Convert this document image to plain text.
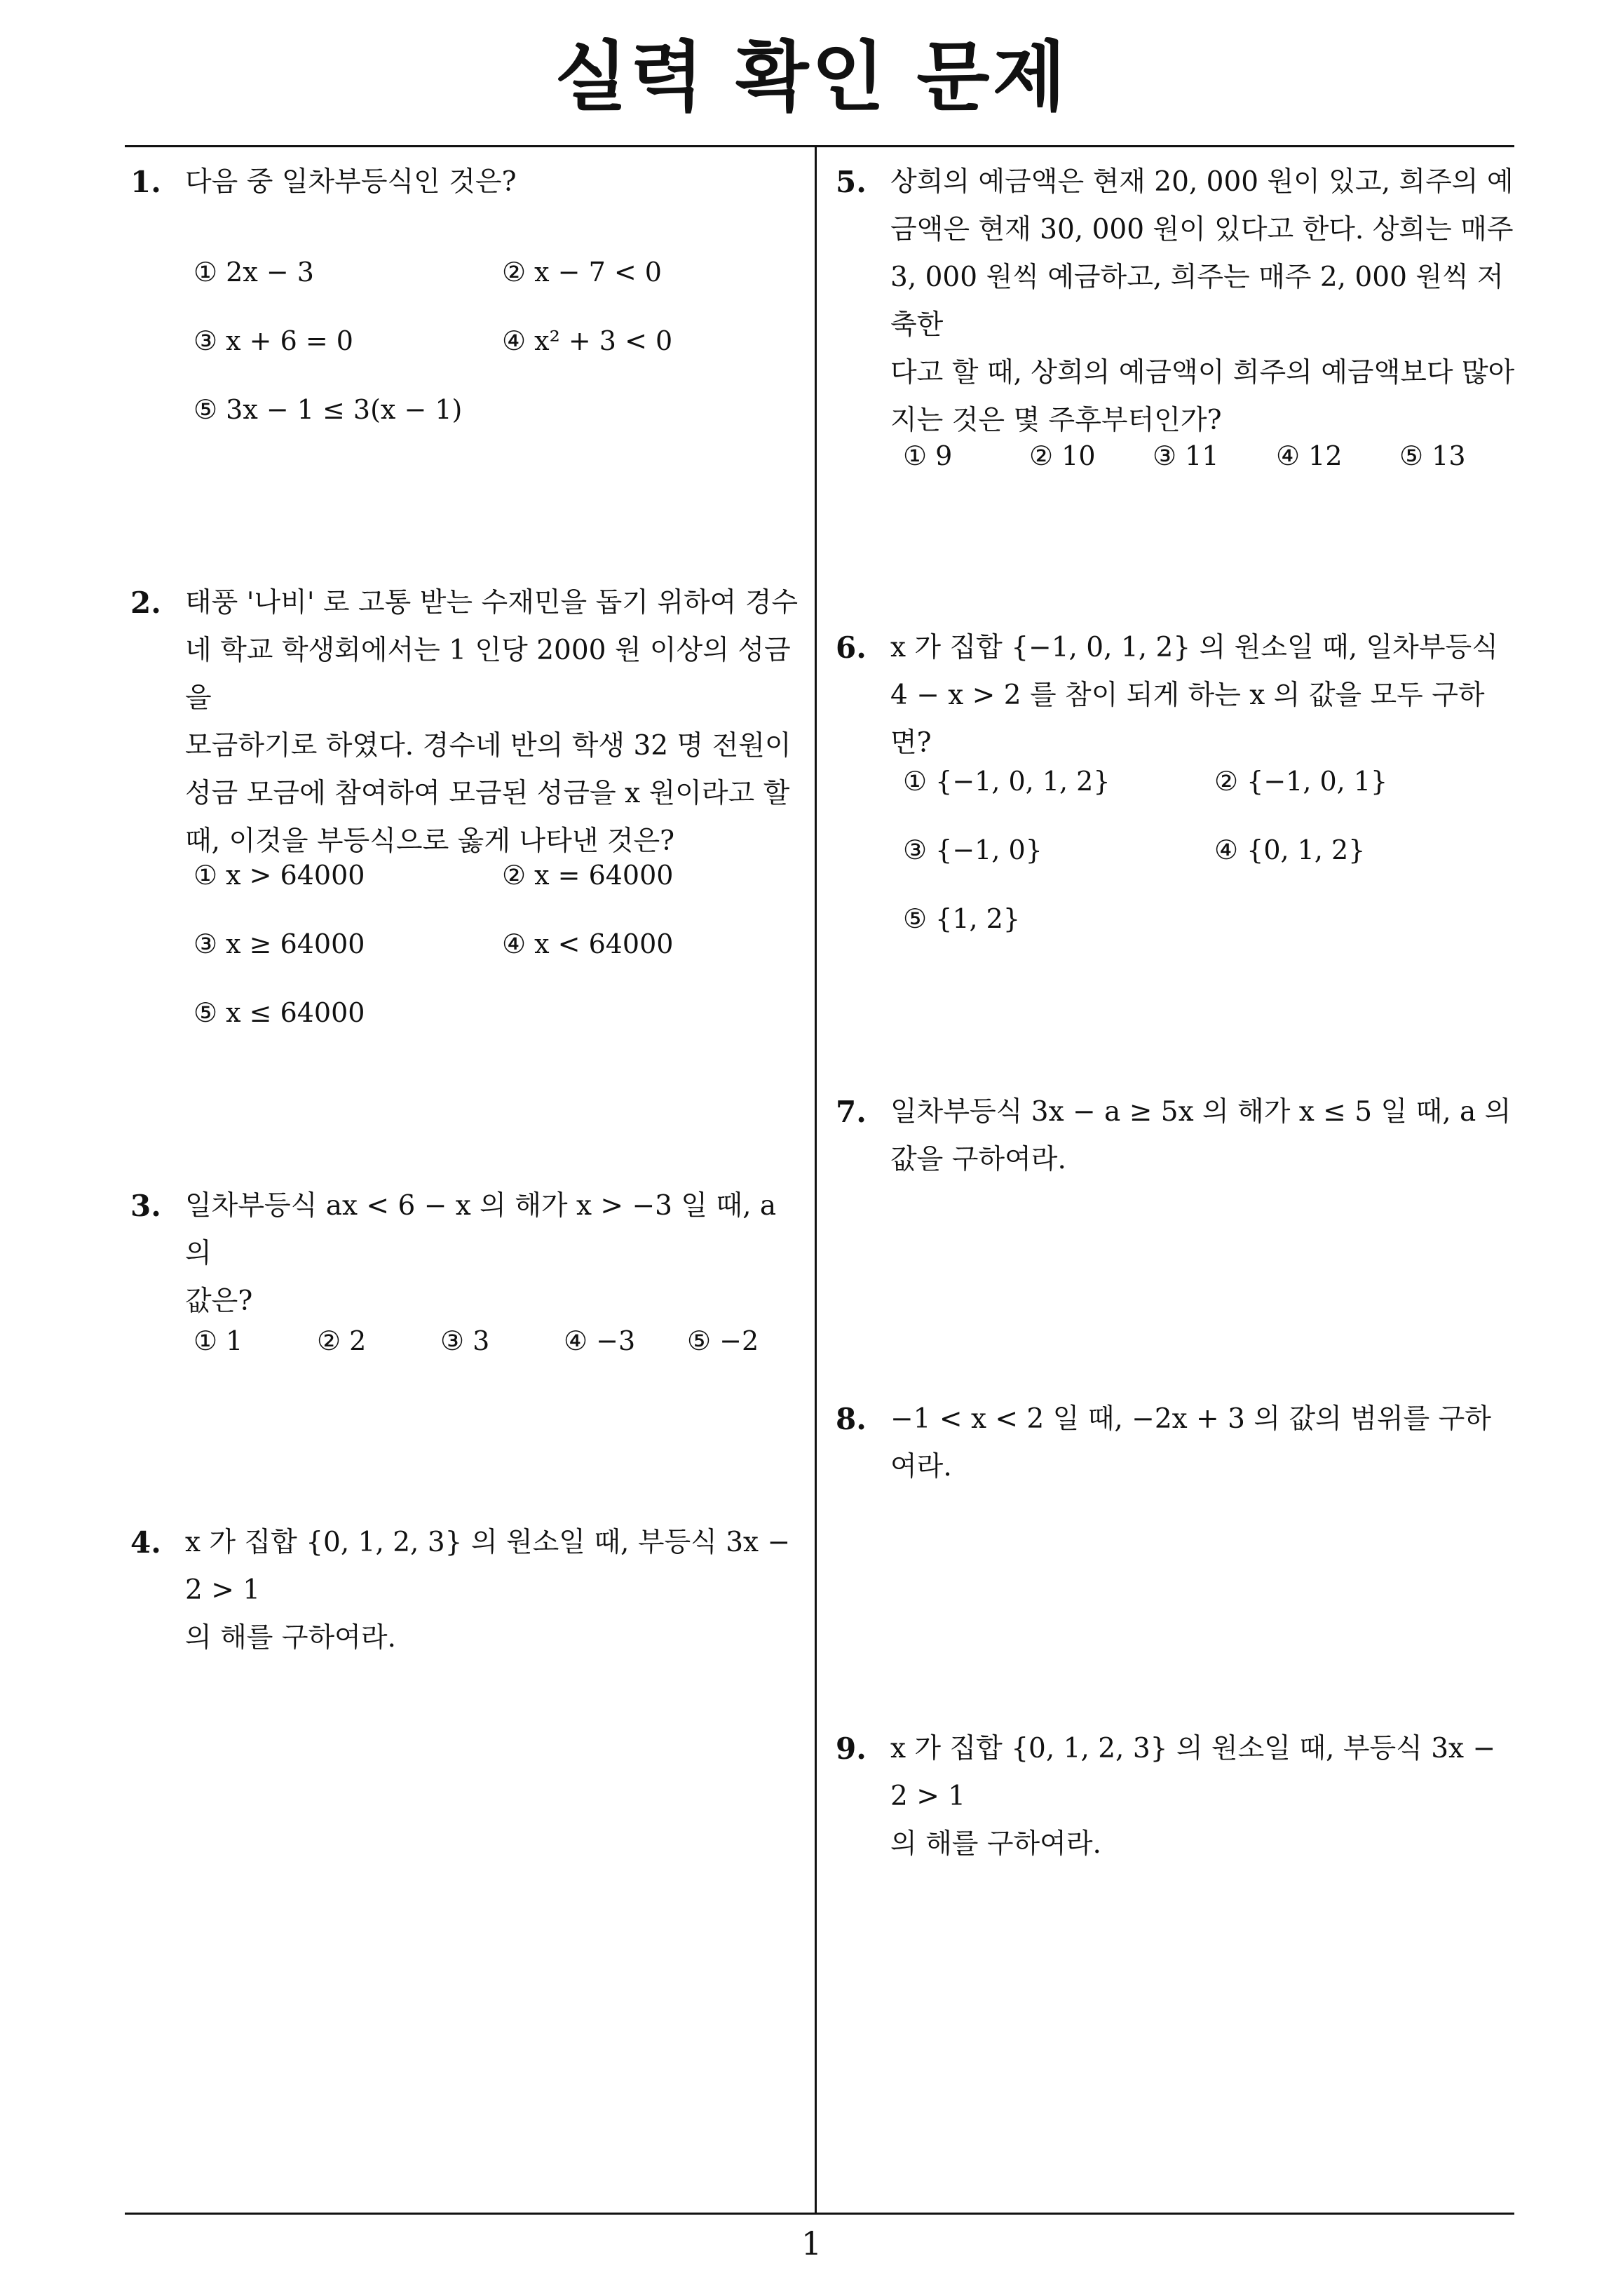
실력 확인 문제
1. 다음 중 일차부등식인 것은?
① 2x − 3	② x − 7 < 0
③ x + 6 = 0	④ x² + 3 < 0
⑤ 3x − 1 ≤ 3(x − 1)
2. 태풍 '나비' 로 고통 받는 수재민을 돕기 위하여 경수
네 학교 학생회에서는 1 인당 2000 원 이상의 성금을
모금하기로 하였다. 경수네 반의 학생 32 명 전원이
성금 모금에 참여하여 모금된 성금을 x 원이라고 할
때, 이것을 부등식으로 옳게 나타낸 것은?
① x > 64000	② x = 64000
③ x ≥ 64000	④ x < 64000
⑤ x ≤ 64000
3. 일차부등식 ax < 6 − x 의 해가 x > −3 일 때, a 의
값은?
① 1	② 2	③ 3	④ −3 ⑤ −2
4. x 가 집합 {0, 1, 2, 3} 의 원소일 때, 부등식 3x − 2 > 1
의 해를 구하여라.
5. 상희의 예금액은 현재 20, 000 원이 있고, 희주의 예
금액은 현재 30, 000 원이 있다고 한다. 상희는 매주
3, 000 원씩 예금하고, 희주는 매주 2, 000 원씩 저축한
다고 할 때, 상희의 예금액이 희주의 예금액보다 많아
지는 것은 몇 주후부터인가?
① 9	② 10 ③ 11 ④ 12 ⑤ 13
6. x 가 집합 {−1, 0, 1, 2} 의 원소일 때, 일차부등식
4 − x > 2 를 참이 되게 하는 x 의 값을 모두 구하면?
① {−1, 0, 1, 2}	② {−1, 0, 1}
③ {−1, 0}	④ {0, 1, 2}
⑤ {1, 2}
7. 일차부등식 3x − a ≥ 5x 의 해가 x ≤ 5 일 때, a 의
값을 구하여라.
8. −1 < x < 2 일 때, −2x + 3 의 값의 범위를 구하여라.
9. x 가 집합 {0, 1, 2, 3} 의 원소일 때, 부등식 3x − 2 > 1
의 해를 구하여라.
1
